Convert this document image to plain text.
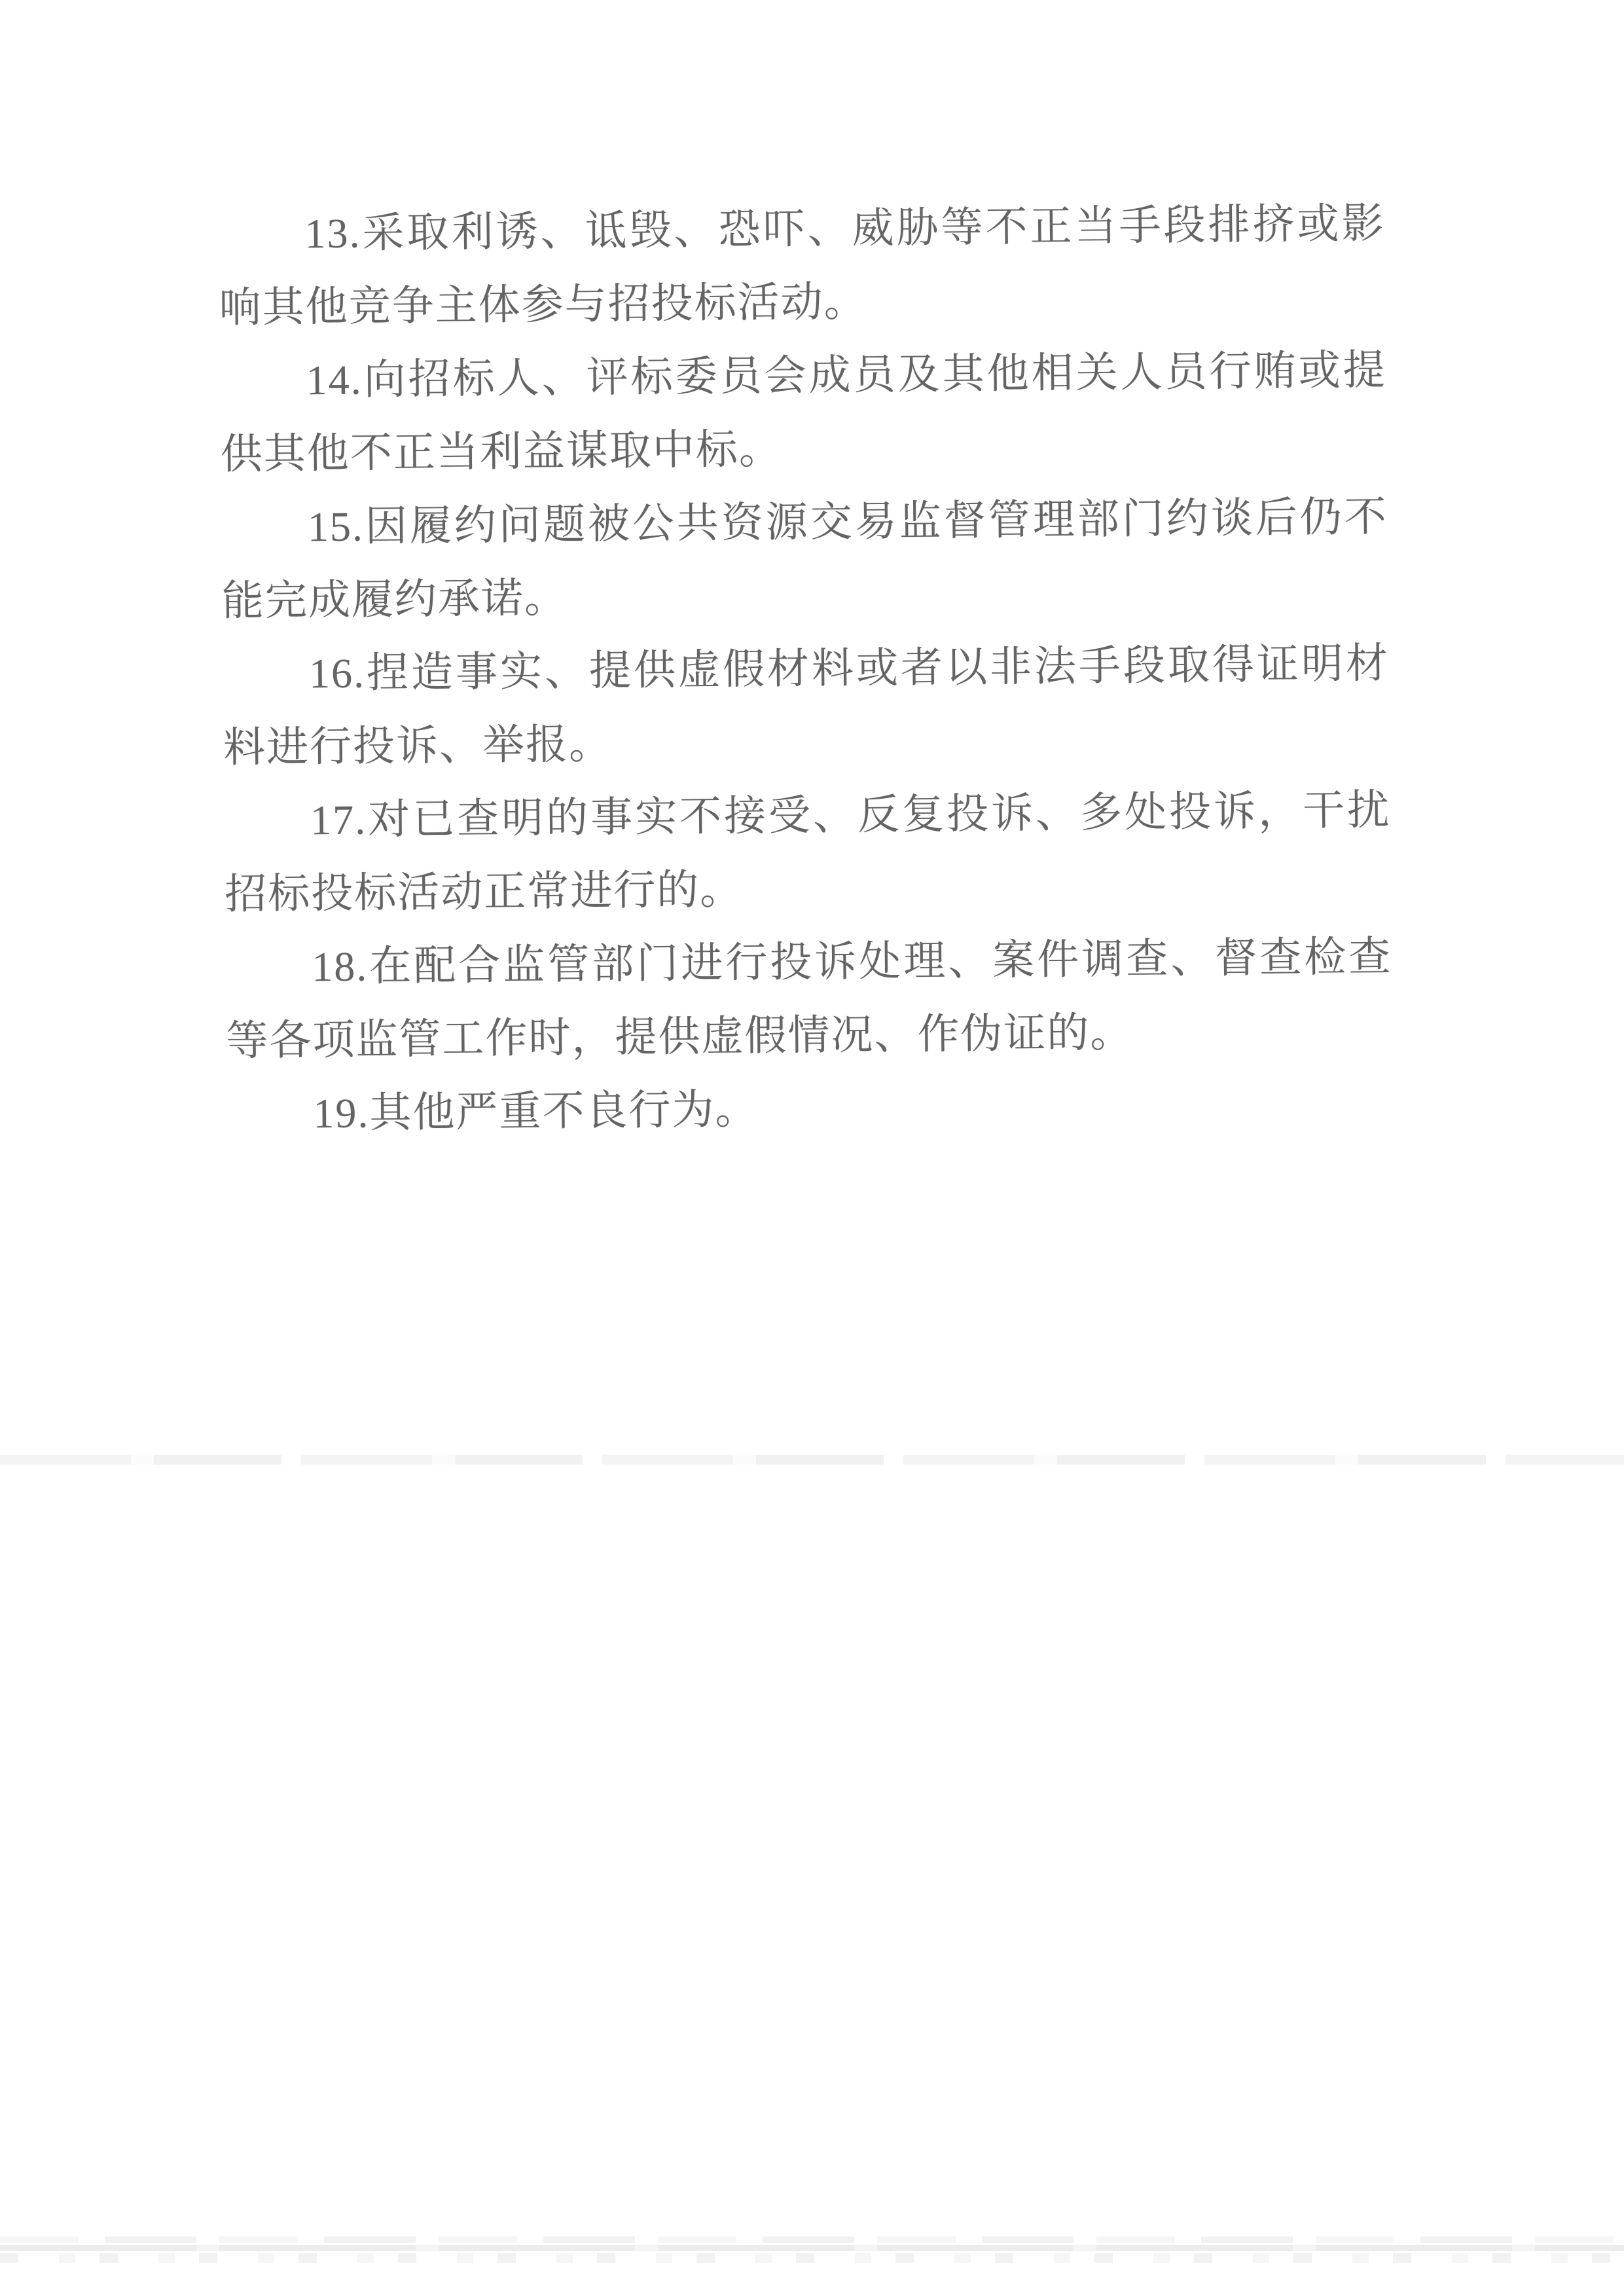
13.采取利诱、诋毁、恐吓、威胁等不正当手段排挤或影响其他竞争主体参与招投标活动。

14.向招标人、评标委员会成员及其他相关人员行贿或提供其他不正当利益谋取中标。

15.因履约问题被公共资源交易监督管理部门约谈后仍不能完成履约承诺。

16.捏造事实、提供虚假材料或者以非法手段取得证明材料进行投诉、举报。

17.对已查明的事实不接受、反复投诉、多处投诉，干扰招标投标活动正常进行的。

18.在配合监管部门进行投诉处理、案件调查、督查检查等各项监管工作时，提供虚假情况、作伪证的。

19.其他严重不良行为。
